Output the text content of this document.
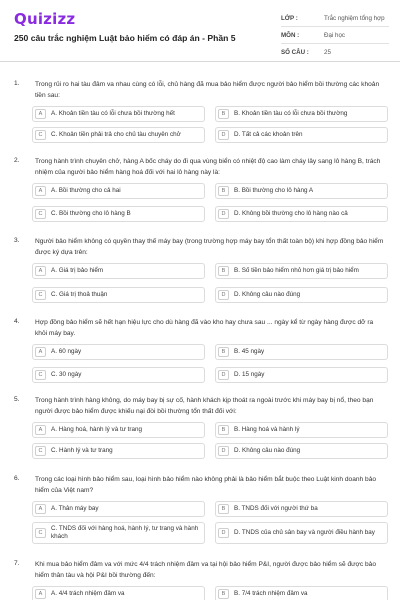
Quizizz
250 câu trắc nghiệm Luật bảo hiểm có đáp án - Phần 5
LỚP :	Trắc nghiệm tổng hợp
MÔN :	Đại học
SỐ CÂU :	25
1. Trong rủi ro hai tàu đâm va nhau cùng có lỗi, chủ hàng đã mua bảo hiểm được người bảo hiểm bồi thường các khoản tiền sau:
A	A. Khoản tiền tàu có lỗi chưa bồi thường hết	B	B. Khoản tiền tàu có lỗi chưa bồi thường
C	C. Khoản tiền phải trả cho chủ tàu chuyên chở	D	D. Tất cả các khoản trên
2. Trong hành trình chuyên chở, hàng A bốc cháy do đi qua vùng biển có nhiệt độ cao làm cháy lây sang lô hàng B, trách nhiệm của người bảo hiểm hàng hoá đối với hai lô hàng này là:
A	A. Bồi thường cho cả hai	B	B. Bồi thường cho lô hàng A
C	C. Bồi thường cho lô hàng B	D	D. Không bồi thường cho lô hàng nào cả
3. Người bảo hiểm không có quyền thay thế máy bay (trong trường hợp máy bay tổn thất toàn bộ) khi hợp đồng bảo hiểm được ký dựa trên:
A	A. Giá trị bảo hiểm	B	B. Số tiền bảo hiểm nhỏ hơn giá trị bảo hiểm
C	C. Giá trị thoả thuận	D	D. Không câu nào đúng
4. Hợp đồng bảo hiểm sẽ hết hạn hiệu lực cho dù hàng đã vào kho hay chưa sau ... ngày kể từ ngày hàng được dỡ ra khỏi máy bay.
A	A. 60 ngày	B	B. 45 ngày
C	C. 30 ngày	D	D. 15 ngày
5. Trong hành trình hàng không, do máy bay bị sự cố, hành khách kịp thoát ra ngoài trước khi máy bay bị nổ, theo bạn người được bảo hiểm được khiếu nại đòi bồi thường tổn thất đối với:
A	A. Hàng hoá, hành lý và tư trang	B	B. Hàng hoá và hành lý
C	C. Hành lý và tư trang	D	D. Không câu nào đúng
6. Trong các loại hình bảo hiểm sau, loại hình bảo hiểm nào không phải là bảo hiểm bắt buộc theo Luật kinh doanh bảo hiểm của Việt nam?
A	A. Thân máy bay	B	B. TNDS đối với người thứ ba
C
C. TNDS đối với hàng hoá, hành lý, tư trang và hành khách	D	D. TNDS của chủ sân bay và người điều hành bay
7. Khi mua bảo hiểm đâm va với mức 4/4 trách nhiệm đâm va tại hội bảo hiểm P&I, người được bảo hiểm sẽ được bảo hiểm thân tàu và hội P&I bồi thường đến:
A	A. 4/4 trách nhiệm đâm va	B	B. 7/4 trách nhiệm đâm va
